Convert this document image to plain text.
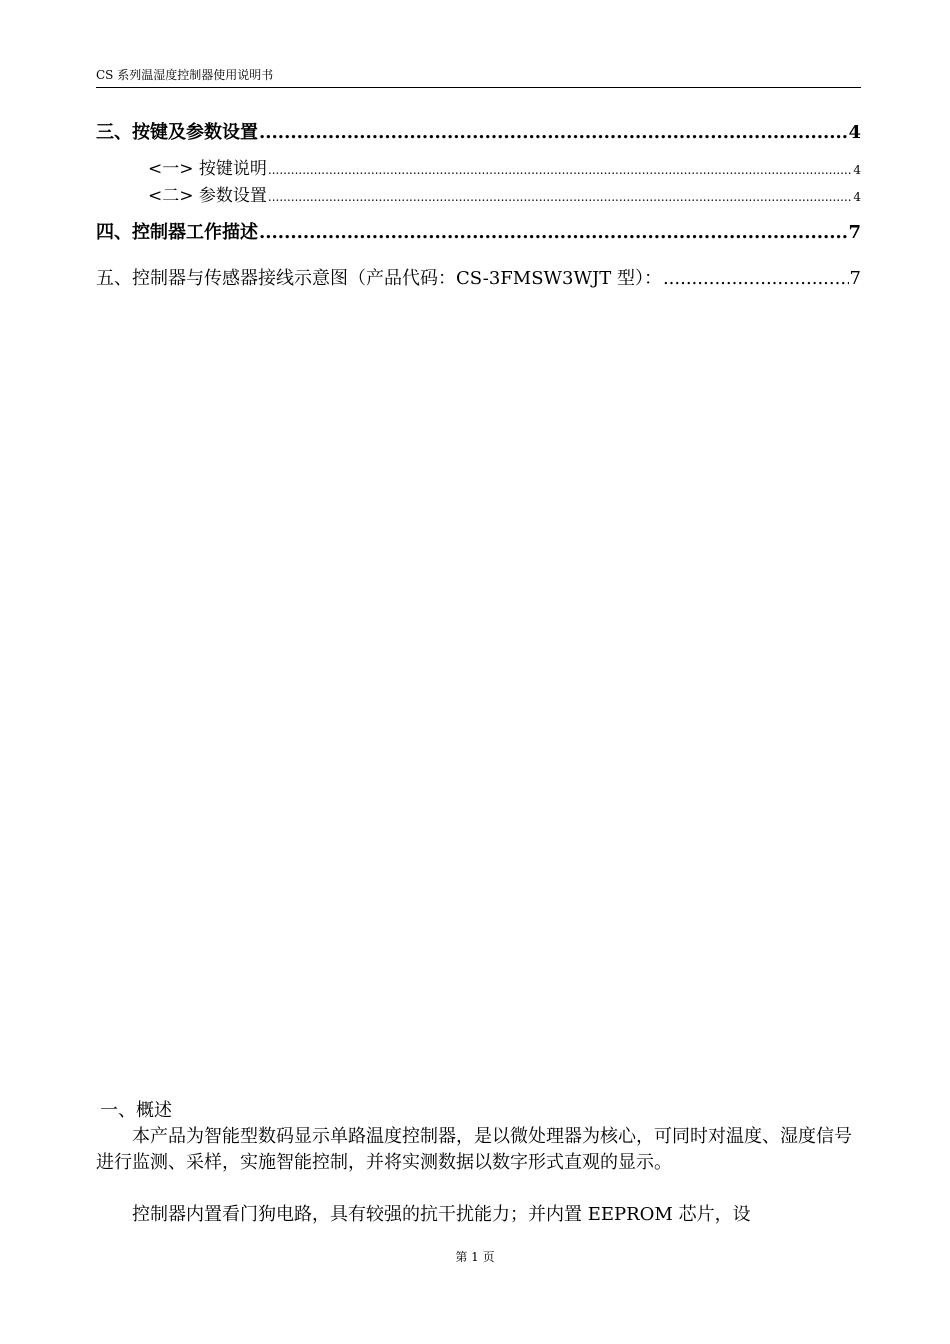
CS 系列温湿度控制器使用说明书
三、按键及参数设置 .....	4
<一> 按键说明 .....	4
<二> 参数设置 .....	4
四、控制器工作描述 .....	7
五、控制器与传感器接线示意图（产品代码：CS-3FMSW3WJT 型）： .....	7
一、概述
本产品为智能型数码显示单路温度控制器，是以微处理器为核心，可同时对温度、湿度信号进行监测、采样，实施智能控制，并将实测数据以数字形式直观的显示。
控制器内置看门狗电路，具有较强的抗干扰能力；并内置 EEPROM 芯片，设
第 1 页
